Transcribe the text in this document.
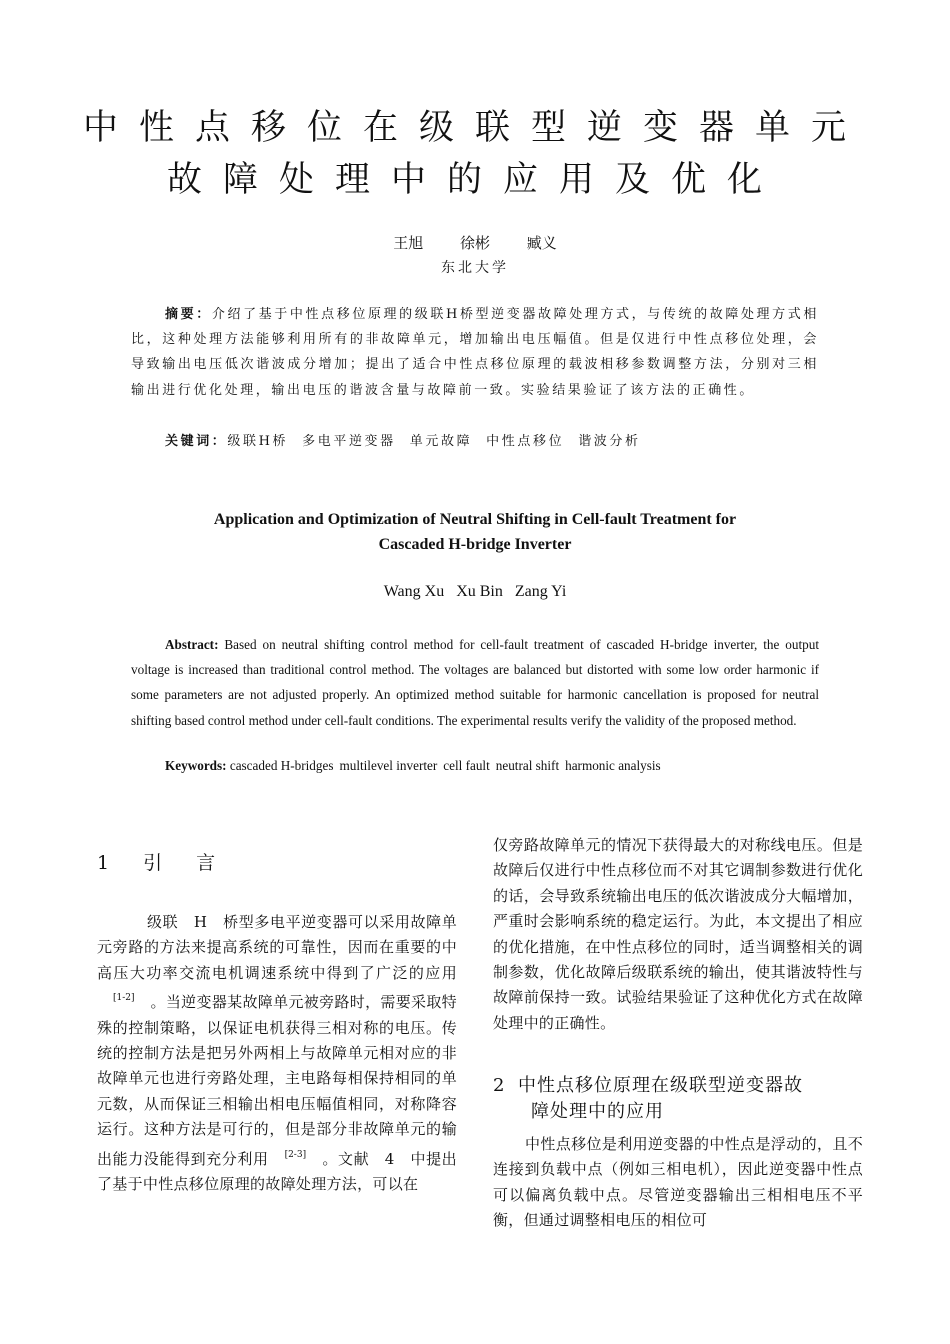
中性点移位在级联型逆变器单元
故障处理中的应用及优化
王旭 徐彬 臧义
东北大学
摘要：介绍了基于中性点移位原理的级联H桥型逆变器故障处理方式，与传统的故障处理方式相比，这种处理方法能够利用所有的非故障单元，增加输出电压幅值。但是仅进行中性点移位处理，会导致输出电压低次谐波成分增加；提出了适合中性点移位原理的载波相移参数调整方法，分别对三相输出进行优化处理，输出电压的谐波含量与故障前一致。实验结果验证了该方法的正确性。
关键词：级联H桥 多电平逆变器 单元故障 中性点移位 谐波分析
Application and Optimization of Neutral Shifting in Cell-fault Treatment for
Cascaded H-bridge Inverter
Wang Xu Xu Bin Zang Yi
Abstract: Based on neutral shifting control method for cell-fault treatment of cascaded H-bridge inverter, the output voltage is increased than traditional control method. The voltages are balanced but distorted with some low order harmonic if some parameters are not adjusted properly. An optimized method suitable for harmonic cancellation is proposed for neutral shifting based control method under cell-fault conditions. The experimental results verify the validity of the proposed method.
Keywords: cascaded H-bridges multilevel inverter cell fault neutral shift harmonic analysis
1 引 言
级联　H　桥型多电平逆变器可以采用故障单元旁路的方法来提高系统的可靠性，因而在重要的中高压大功率交流电机调速系统中得到了广泛的应用[1-2] 。当逆变器某故障单元被旁路时，需要采取特殊的控制策略，以保证电机获得三相对称的电压。传统的控制方法是把另外两相上与故障单元相对应的非故障单元也进行旁路处理，主电路每相保持相同的单元数，从而保证三相输出相电压幅值相同，对称降容运行。这种方法是可行的，但是部分非故障单元的输出能力没能得到充分利用 [2-3] 。文献　4　中提出了基于中性点移位原理的故障处理方法，可以在
仅旁路故障单元的情况下获得最大的对称线电压。但是故障后仅进行中性点移位而不对其它调制参数进行优化的话，会导致系统输出电压的低次谐波成分大幅增加，严重时会影响系统的稳定运行。为此，本文提出了相应的优化措施，在中性点移位的同时，适当调整相关的调制参数，优化故障后级联系统的输出，使其谐波特性与故障前保持一致。试验结果验证了这种优化方式在故障处理中的正确性。
2 中性点移位原理在级联型逆变器故
障处理中的应用
中性点移位是利用逆变器的中性点是浮动的，且不连接到负载中点（例如三相电机），因此逆变器中性点可以偏离负载中点。尽管逆变器输出三相相电压不平衡，但通过调整相电压的相位可
